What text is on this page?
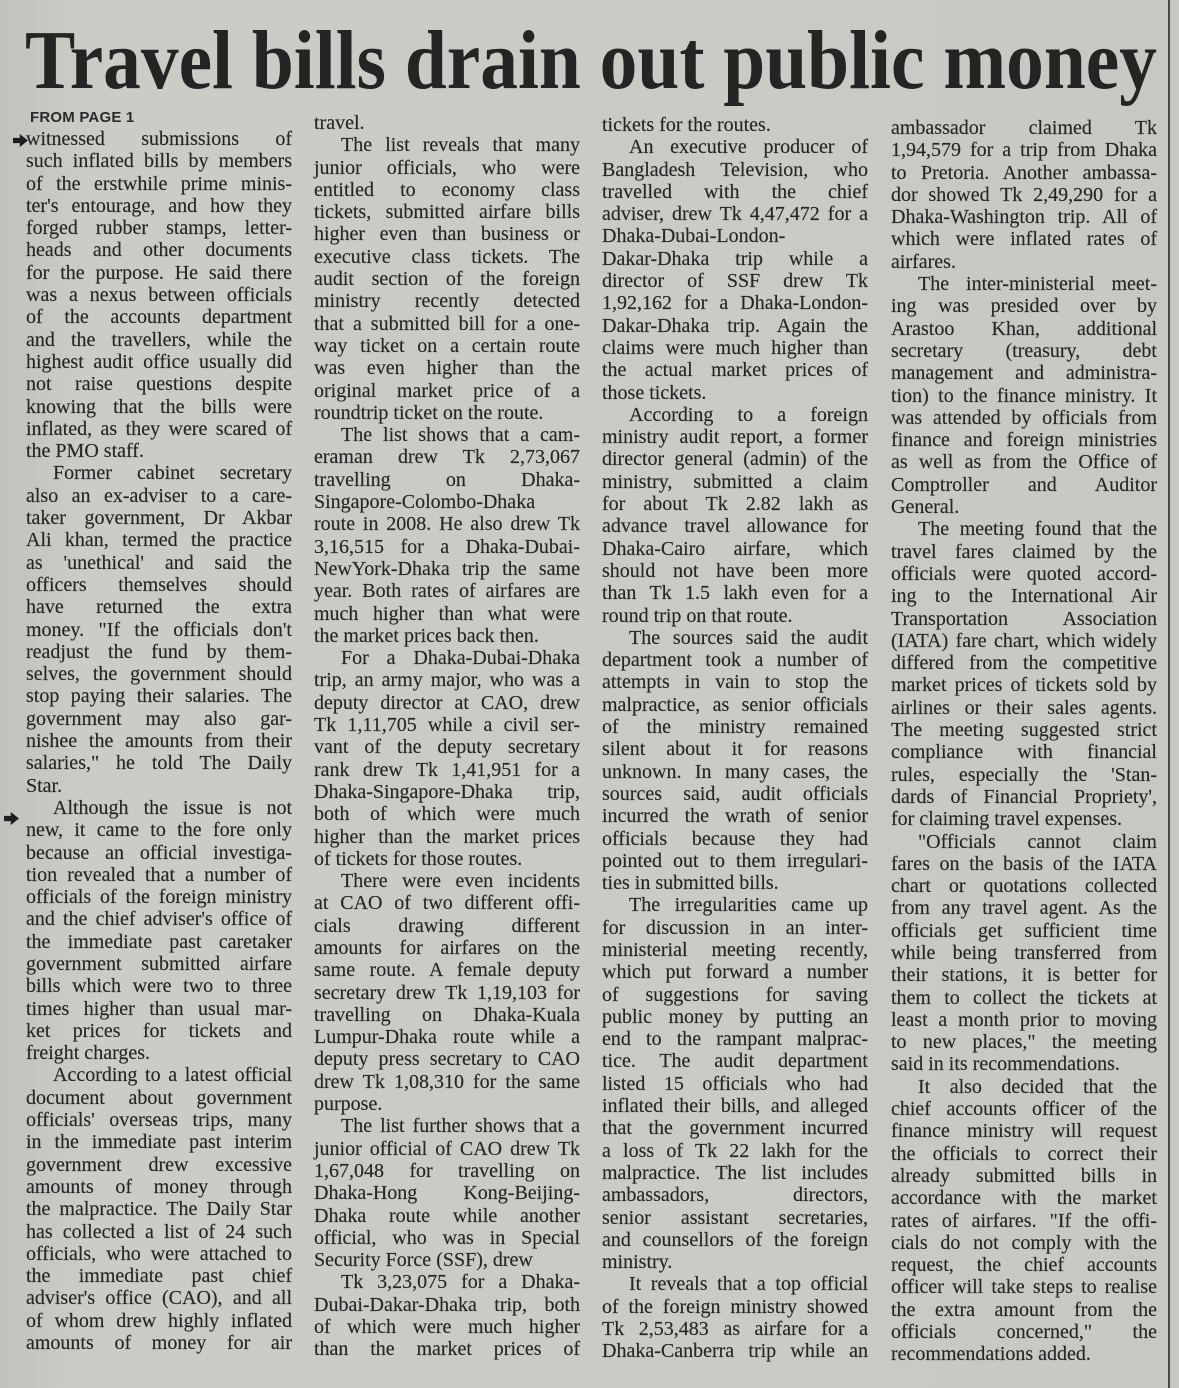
Travel bills drain out public money
FROM PAGE 1
witnessed submissions of
such inflated bills by members
of the erstwhile prime minis-
ter's entourage, and how they
forged rubber stamps, letter-
heads and other documents
for the purpose. He said there
was a nexus between officials
of the accounts department
and the travellers, while the
highest audit office usually did
not raise questions despite
knowing that the bills were
inflated, as they were scared of
the PMO staff.
Former cabinet secretary
also an ex-adviser to a care-
taker government, Dr Akbar
Ali khan, termed the practice
as 'unethical' and said the
officers themselves should
have returned the extra
money. "If the officials don't
readjust the fund by them-
selves, the government should
stop paying their salaries. The
government may also gar-
nishee the amounts from their
salaries," he told The Daily
Star.
Although the issue is not
new, it came to the fore only
because an official investiga-
tion revealed that a number of
officials of the foreign ministry
and the chief adviser's office of
the immediate past caretaker
government submitted airfare
bills which were two to three
times higher than usual mar-
ket prices for tickets and
freight charges.
According to a latest official
document about government
officials' overseas trips, many
in the immediate past interim
government drew excessive
amounts of money through
the malpractice. The Daily Star
has collected a list of 24 such
officials, who were attached to
the immediate past chief
adviser's office (CAO), and all
of whom drew highly inflated
amounts of money for air
travel.
The list reveals that many
junior officials, who were
entitled to economy class
tickets, submitted airfare bills
higher even than business or
executive class tickets. The
audit section of the foreign
ministry recently detected
that a submitted bill for a one-
way ticket on a certain route
was even higher than the
original market price of a
roundtrip ticket on the route.
The list shows that a cam-
eraman drew Tk 2,73,067
travelling on Dhaka-
Singapore-Colombo-Dhaka
route in 2008. He also drew Tk
3,16,515 for a Dhaka-Dubai-
NewYork-Dhaka trip the same
year. Both rates of airfares are
much higher than what were
the market prices back then.
For a Dhaka-Dubai-Dhaka
trip, an army major, who was a
deputy director at CAO, drew
Tk 1,11,705 while a civil ser-
vant of the deputy secretary
rank drew Tk 1,41,951 for a
Dhaka-Singapore-Dhaka trip,
both of which were much
higher than the market prices
of tickets for those routes.
There were even incidents
at CAO of two different offi-
cials drawing different
amounts for airfares on the
same route. A female deputy
secretary drew Tk 1,19,103 for
travelling on Dhaka-Kuala
Lumpur-Dhaka route while a
deputy press secretary to CAO
drew Tk 1,08,310 for the same
purpose.
The list further shows that a
junior official of CAO drew Tk
1,67,048 for travelling on
Dhaka-Hong Kong-Beijing-
Dhaka route while another
official, who was in Special
Security Force (SSF), drew
Tk 3,23,075 for a Dhaka-
Dubai-Dakar-Dhaka trip, both
of which were much higher
than the market prices of
tickets for the routes.
An executive producer of
Bangladesh Television, who
travelled with the chief
adviser, drew Tk 4,47,472 for a
Dhaka-Dubai-London-
Dakar-Dhaka trip while a
director of SSF drew Tk
1,92,162 for a Dhaka-London-
Dakar-Dhaka trip. Again the
claims were much higher than
the actual market prices of
those tickets.
According to a foreign
ministry audit report, a former
director general (admin) of the
ministry, submitted a claim
for about Tk 2.82 lakh as
advance travel allowance for
Dhaka-Cairo airfare, which
should not have been more
than Tk 1.5 lakh even for a
round trip on that route.
The sources said the audit
department took a number of
attempts in vain to stop the
malpractice, as senior officials
of the ministry remained
silent about it for reasons
unknown. In many cases, the
sources said, audit officials
incurred the wrath of senior
officials because they had
pointed out to them irregulari-
ties in submitted bills.
The irregularities came up
for discussion in an inter-
ministerial meeting recently,
which put forward a number
of suggestions for saving
public money by putting an
end to the rampant malprac-
tice. The audit department
listed 15 officials who had
inflated their bills, and alleged
that the government incurred
a loss of Tk 22 lakh for the
malpractice. The list includes
ambassadors, directors,
senior assistant secretaries,
and counsellors of the foreign
ministry.
It reveals that a top official
of the foreign ministry showed
Tk 2,53,483 as airfare for a
Dhaka-Canberra trip while an
ambassador claimed Tk
1,94,579 for a trip from Dhaka
to Pretoria. Another ambassa-
dor showed Tk 2,49,290 for a
Dhaka-Washington trip. All of
which were inflated rates of
airfares.
The inter-ministerial meet-
ing was presided over by
Arastoo Khan, additional
secretary (treasury, debt
management and administra-
tion) to the finance ministry. It
was attended by officials from
finance and foreign ministries
as well as from the Office of
Comptroller and Auditor
General.
The meeting found that the
travel fares claimed by the
officials were quoted accord-
ing to the International Air
Transportation Association
(IATA) fare chart, which widely
differed from the competitive
market prices of tickets sold by
airlines or their sales agents.
The meeting suggested strict
compliance with financial
rules, especially the 'Stan-
dards of Financial Propriety',
for claiming travel expenses.
"Officials cannot claim
fares on the basis of the IATA
chart or quotations collected
from any travel agent. As the
officials get sufficient time
while being transferred from
their stations, it is better for
them to collect the tickets at
least a month prior to moving
to new places," the meeting
said in its recommendations.
It also decided that the
chief accounts officer of the
finance ministry will request
the officials to correct their
already submitted bills in
accordance with the market
rates of airfares. "If the offi-
cials do not comply with the
request, the chief accounts
officer will take steps to realise
the extra amount from the
officials concerned," the
recommendations added.
